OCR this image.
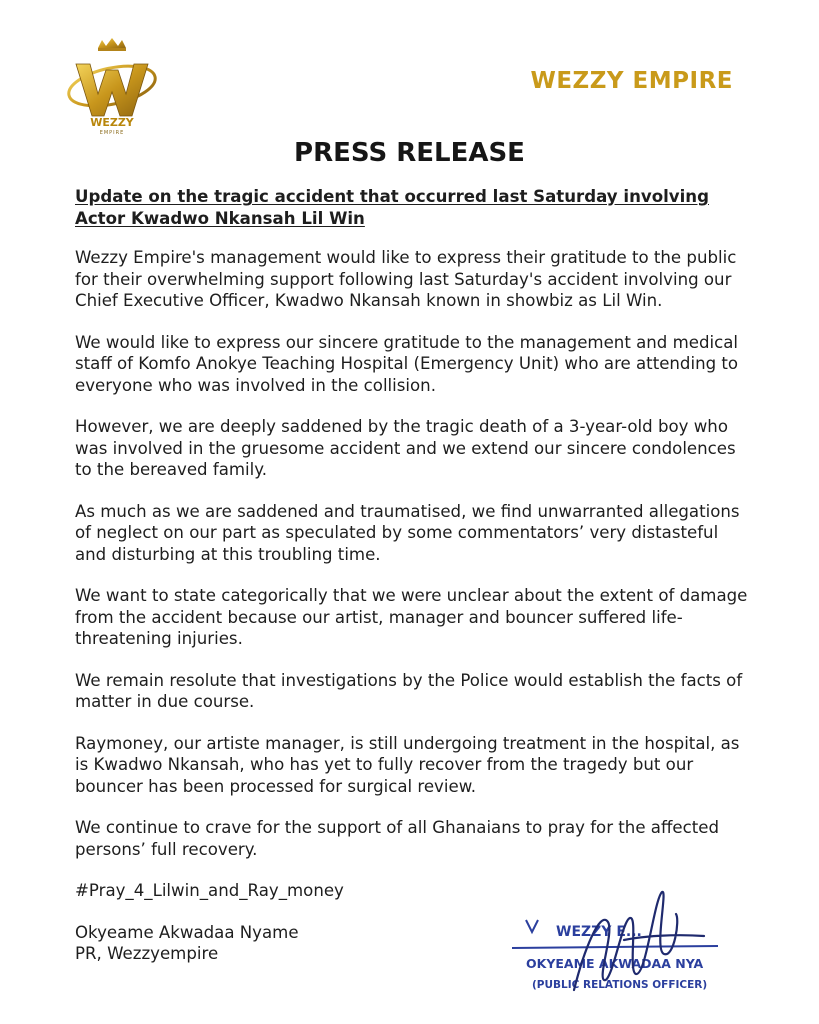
WEZZY
EMPIRE
WEZZY EMPIRE
PRESS RELEASE

Update on the tragic accident that occurred last Saturday involving Actor Kwadwo Nkansah Lil Win

Wezzy Empire's management would like to express their gratitude to the public for their overwhelming support following last Saturday's accident involving our Chief Executive Officer, Kwadwo Nkansah known in showbiz as Lil Win.

We would like to express our sincere gratitude to the management and medical staff of Komfo Anokye Teaching Hospital (Emergency Unit) who are attending to everyone who was involved in the collision.

However, we are deeply saddened by the tragic death of a 3-year-old boy who was involved in the gruesome accident and we extend our sincere condolences to the bereaved family.

As much as we are saddened and traumatised, we find unwarranted allegations of neglect on our part as speculated by some commentators’ very distasteful and disturbing at this troubling time.

We want to state categorically that we were unclear about the extent of damage from the accident because our artist, manager and bouncer suffered life-threatening injuries.

We remain resolute that investigations by the Police would establish the facts of matter in due course.

Raymoney, our artiste manager, is still undergoing treatment in the hospital, as is Kwadwo Nkansah, who has yet to fully recover from the tragedy but our bouncer has been processed for surgical review.

We continue to crave for the support of all Ghanaians to pray for the affected persons’ full recovery.

#Pray_4_Lilwin_and_Ray_money

Okyeame Akwadaa Nyame

PR, Wezzyempire

WEZZY E...
OKYEAME AKWADAA NYA
(PUBLIC RELATIONS OFFICER)
